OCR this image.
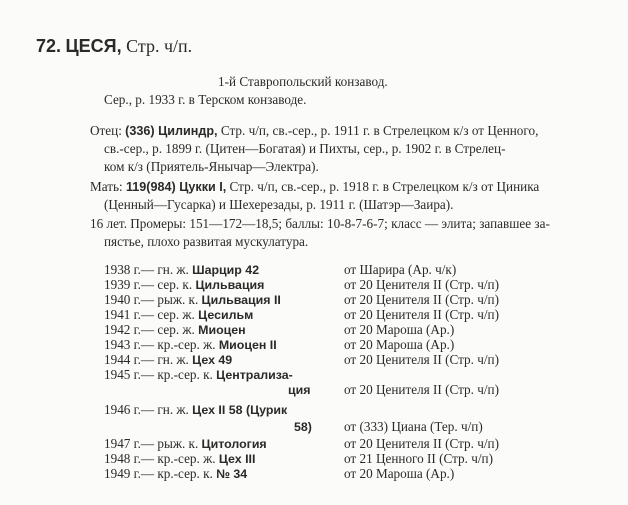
72. ЦЕСЯ, Стр. ч/п.
1-й Ставропольский конзавод.
Сер., р. 1933 г. в Терском конзаводе.
Отец: (336) Цилиндр, Стр. ч/п, св.-сер., р. 1911 г. в Стрелецком к/з от Ценного,
св.-сер., р. 1899 г. (Цитен—Богатая) и Пихты, сер., р. 1902 г. в Стрелец-
ком к/з (Приятель-Янычар—Электра).
Мать: 119(984) Цукки I, Стр. ч/п, св.-сер., р. 1918 г. в Стрелецком к/з от Циника
(Ценный—Гусарка) и Шехерезады, р. 1911 г. (Шатэр—Заира).
16 лет. Промеры: 151—172—18,5; баллы: 10-8-7-6-7; класс — элита; запавшее за-
пястье, плохо развитая мускулатура.
1938 г.— гн. ж. Шарцир 42	от Шарира (Ар. ч/к)
1939 г.— сер. к. Цильвация	от 20 Ценителя II (Стр. ч/п)
1940 г.— рыж. к. Цильвация II	от 20 Ценителя II (Стр. ч/п)
1941 г.— сер. ж. Цесильм	от 20 Ценителя II (Стр. ч/п)
1942 г.— сер. ж. Миоцен	от 20 Мароша (Ар.)
1943 г.— кр.-сер. ж. Миоцен II	от 20 Мароша (Ар.)
1944 г.— гн. ж. Цех 49	от 20 Ценителя II (Стр. ч/п)
1945 г.— кр.-сер. к. Централиза-
ция	от 20 Ценителя II (Стр. ч/п)
1946 г.— гн. ж. Цех II 58 (Цурик
58) от (333) Циана (Тер. ч/п)
1947 г.— рыж. к. Цитология	от 20 Ценителя II (Стр. ч/п)
1948 г.— кр.-сер. ж. Цех III	от 21 Ценного II (Стр. ч/п)
1949 г.— кр.-сер. к. № 34	от 20 Мароша (Ар.)
